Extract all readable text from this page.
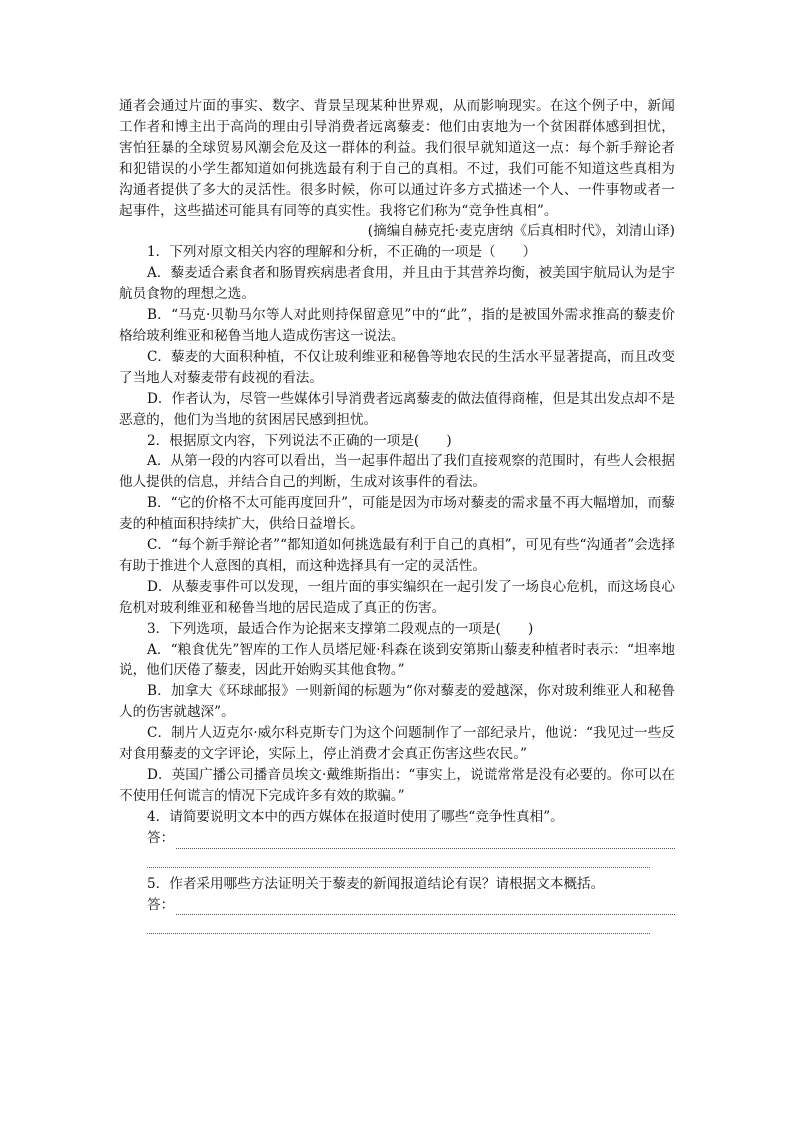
通者会通过片面的事实、数字、背景呈现某种世界观，从而影响现实。在这个例子中，新闻工作者和博主出于高尚的理由引导消费者远离藜麦：他们由衷地为一个贫困群体感到担忧，害怕狂暴的全球贸易风潮会危及这一群体的利益。我们很早就知道这一点：每个新手辩论者和犯错误的小学生都知道如何挑选最有利于自己的真相。不过，我们可能不知道这些真相为沟通者提供了多大的灵活性。很多时候，你可以通过许多方式描述一个人、一件事物或者一起事件，这些描述可能具有同等的真实性。我将它们称为“竞争性真相”。

(摘编自赫克托·麦克唐纳《后真相时代》，刘清山译)

1．下列对原文相关内容的理解和分析，不正确的一项是（　　）

A．藜麦适合素食者和肠胃疾病患者食用，并且由于其营养均衡，被美国宇航局认为是宇航员食物的理想之选。

B．“马克·贝勒马尔等人对此则持保留意见”中的“此”，指的是被国外需求推高的藜麦价格给玻利维亚和秘鲁当地人造成伤害这一说法。

C．藜麦的大面积种植，不仅让玻利维亚和秘鲁等地农民的生活水平显著提高，而且改变了当地人对藜麦带有歧视的看法。

D．作者认为，尽管一些媒体引导消费者远离藜麦的做法值得商榷，但是其出发点却不是恶意的，他们为当地的贫困居民感到担忧。

2．根据原文内容，下列说法不正确的一项是(　　)

A．从第一段的内容可以看出，当一起事件超出了我们直接观察的范围时，有些人会根据他人提供的信息，并结合自己的判断，生成对该事件的看法。

B．“它的价格不太可能再度回升”，可能是因为市场对藜麦的需求量不再大幅增加，而藜麦的种植面积持续扩大，供给日益增长。

C．“每个新手辩论者”“都知道如何挑选最有利于自己的真相”，可见有些“沟通者”会选择有助于推进个人意图的真相，而这种选择具有一定的灵活性。

D．从藜麦事件可以发现，一组片面的事实编织在一起引发了一场良心危机，而这场良心危机对玻利维亚和秘鲁当地的居民造成了真正的伤害。

3．下列选项，最适合作为论据来支撑第二段观点的一项是(　　)

A．“粮食优先”智库的工作人员塔尼娅·科森在谈到安第斯山藜麦种植者时表示：“坦率地说，他们厌倦了藜麦，因此开始购买其他食物。”

B．加拿大《环球邮报》一则新闻的标题为“你对藜麦的爱越深，你对玻利维亚人和秘鲁人的伤害就越深”。

C．制片人迈克尔·威尔科克斯专门为这个问题制作了一部纪录片，他说：“我见过一些反对食用藜麦的文字评论，实际上，停止消费才会真正伤害这些农民。”

D．英国广播公司播音员埃文·戴维斯指出：“事实上，说谎常常是没有必要的。你可以在不使用任何谎言的情况下完成许多有效的欺骗。”

4．请简要说明文本中的西方媒体在报道时使用了哪些“竞争性真相”。

答：

5．作者采用哪些方法证明关于藜麦的新闻报道结论有误？请根据文本概括。

答：
